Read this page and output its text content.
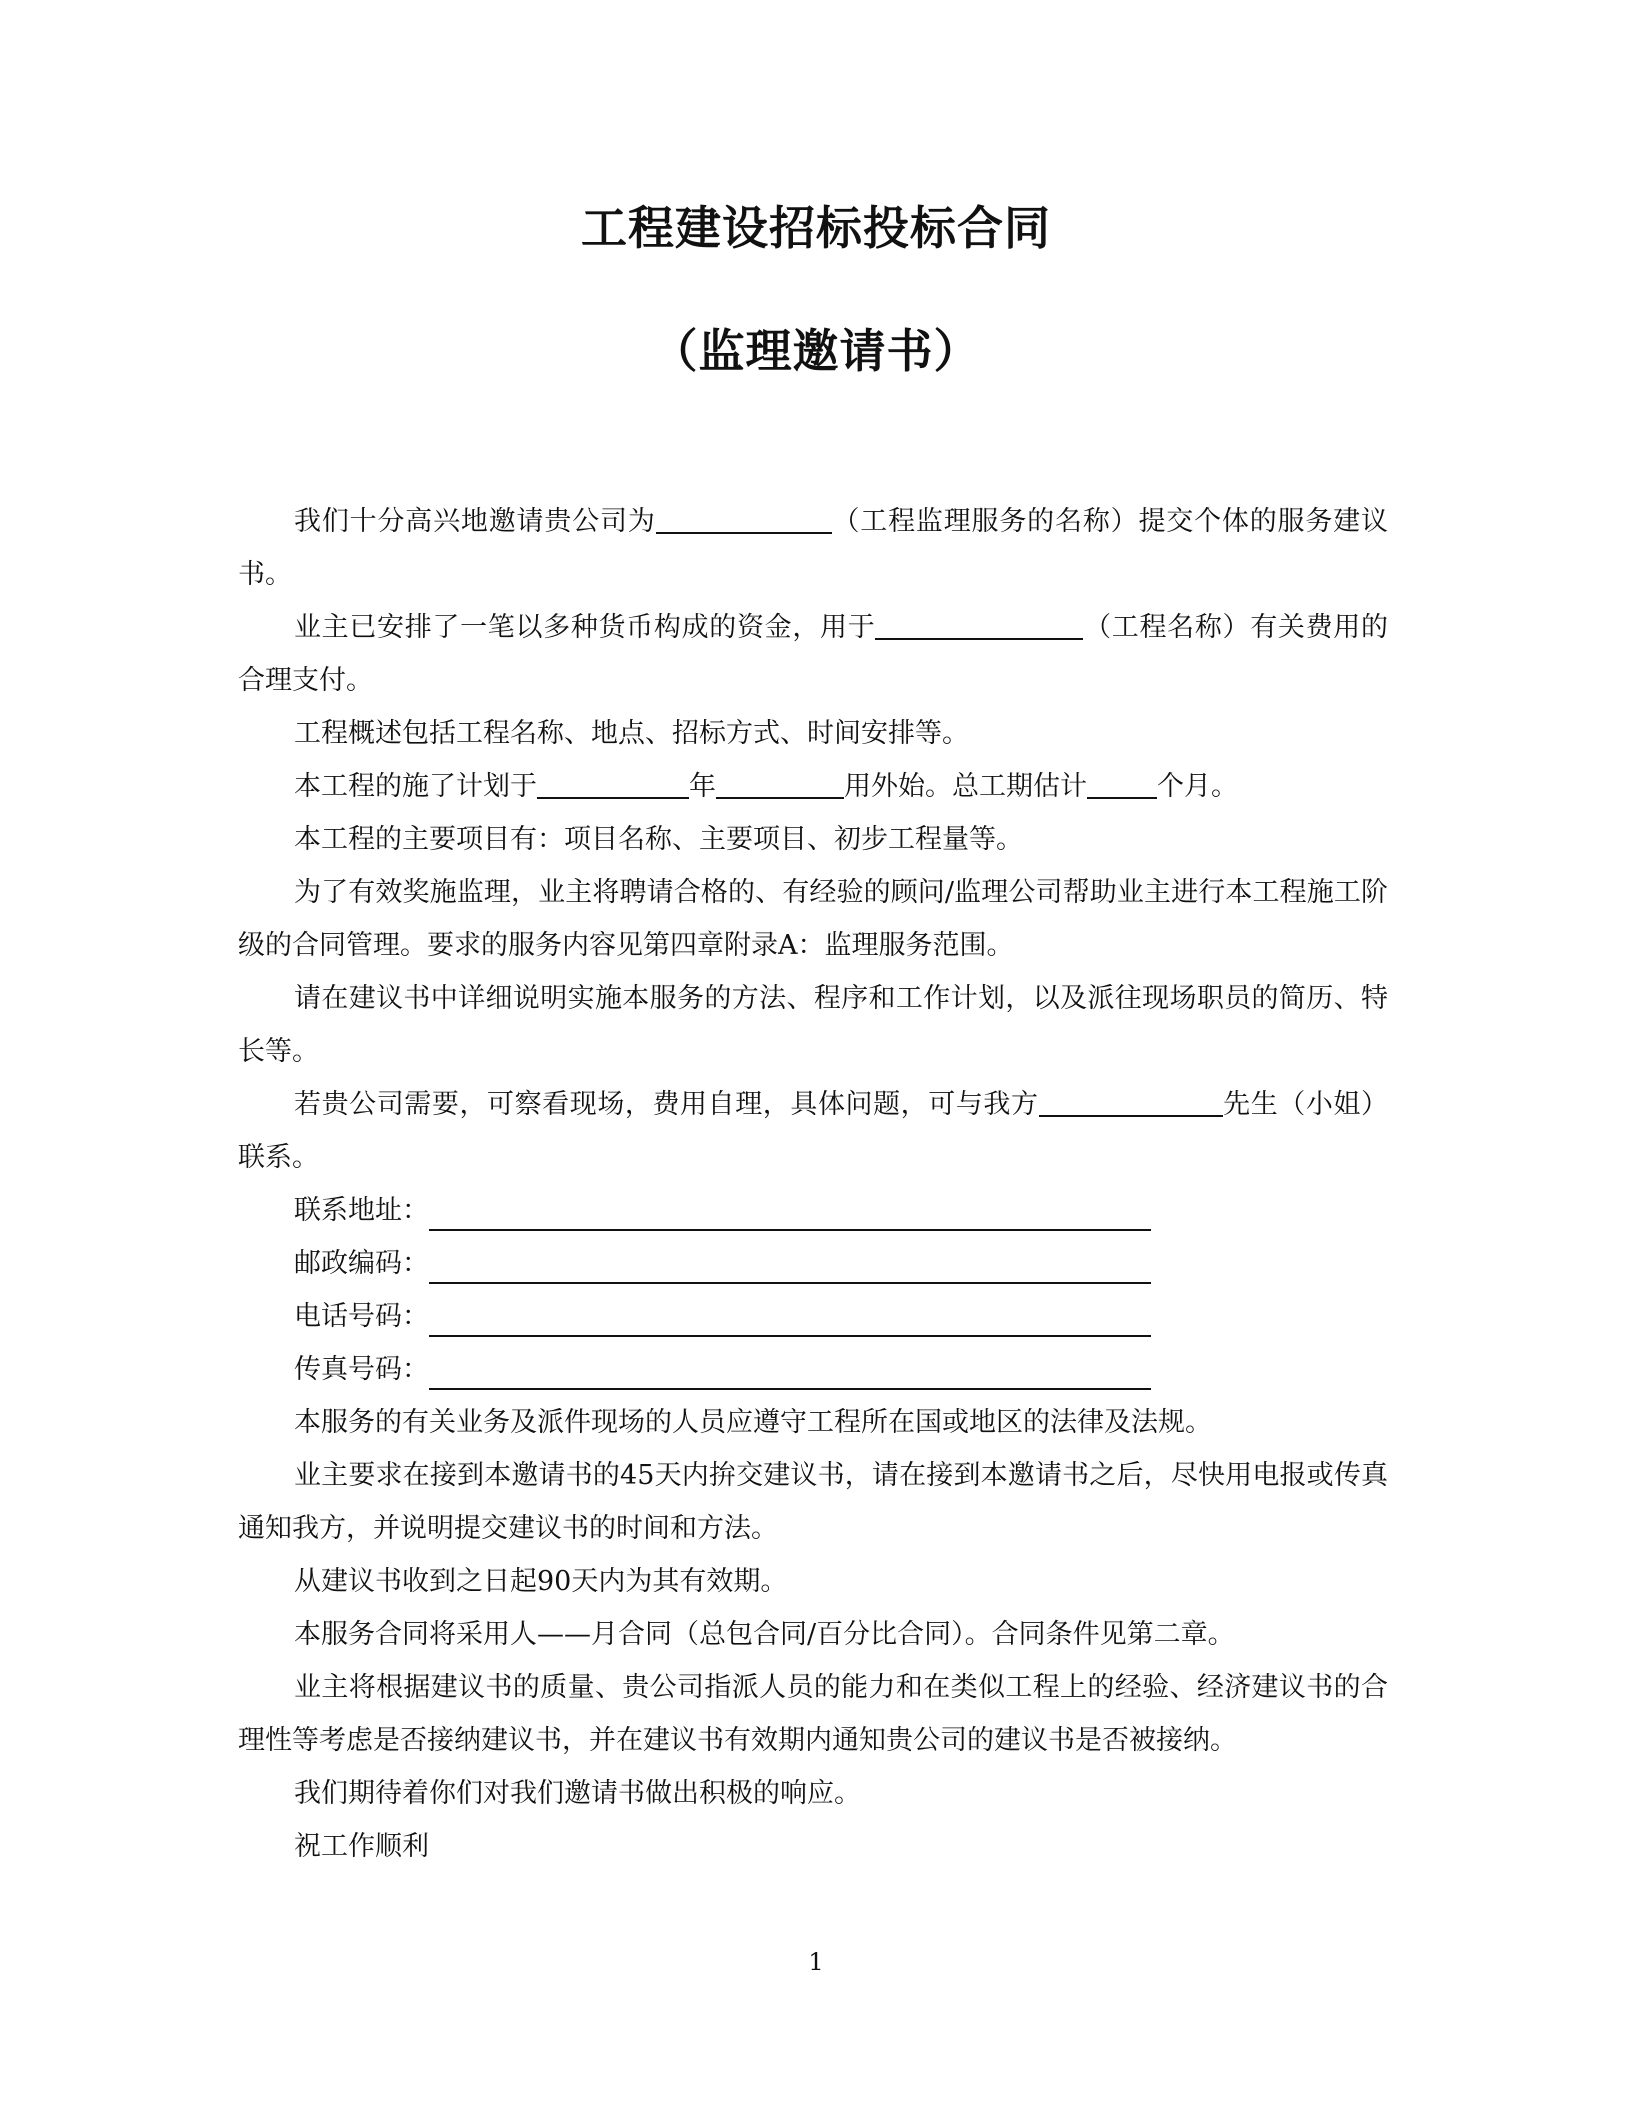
工程建设招标投标合同
（监理邀请书）

我们十分高兴地邀请贵公司为	（工程监理服务的名称）提交个体的服务建议书。

业主已安排了一笔以多种货币构成的资金，用于	（工程名称）有关费用的合理支付。

工程概述包括工程名称、地点、招标方式、时间安排等。

本工程的施了计划于	年	用外始。总工期估计	个月。

本工程的主要项目有：项目名称、主要项目、初步工程量等。

为了有效奖施监理，业主将聘请合格的、有经验的顾问/监理公司帮助业主进行本工程施工阶级的合同管理。要求的服务内容见第四章附录A：监理服务范围。

请在建议书中详细说明实施本服务的方法、程序和工作计划，以及派往现场职员的简历、特长等。

若贵公司需要，可察看现场，费用自理，具体问题，可与我方	先生（小姐）联系。

联系地址：

邮政编码：

电话号码：

传真号码：

本服务的有关业务及派件现场的人员应遵守工程所在国或地区的法律及法规。

业主要求在接到本邀请书的45天内拚交建议书，请在接到本邀请书之后，尽快用电报或传真通知我方，并说明提交建议书的时间和方法。

从建议书收到之日起90天内为其有效期。

本服务合同将采用人——月合同（总包合同/百分比合同）。合同条件见第二章。

业主将根据建议书的质量、贵公司指派人员的能力和在类似工程上的经验、经济建议书的合理性等考虑是否接纳建议书，并在建议书有效期内通知贵公司的建议书是否被接纳。

我们期待着你们对我们邀请书做出积极的响应。

祝工作顺利

1
